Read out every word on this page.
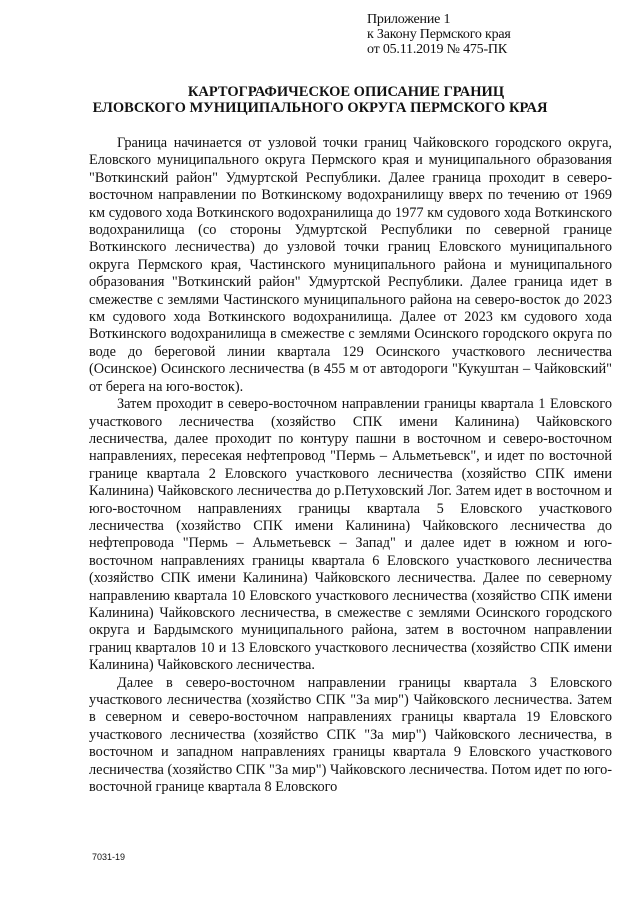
Приложение 1
к Закону Пермского края
от 05.11.2019 № 475-ПК
КАРТОГРАФИЧЕСКОЕ ОПИСАНИЕ ГРАНИЦ
ЕЛОВСКОГО МУНИЦИПАЛЬНОГО ОКРУГА ПЕРМСКОГО КРАЯ

Граница начинается от узловой точки границ Чайковского городского округа, Еловского муниципального округа Пермского края и муниципального образования "Воткинский район" Удмуртской Республики. Далее граница проходит в северо-восточном направлении по Воткинскому водохранилищу вверх по течению от 1969 км судового хода Воткинского водохранилища до 1977 км судового хода Воткинского водохранилища (со стороны Удмуртской Республики по северной границе Воткинского лесничества) до узловой точки границ Еловского муниципального округа Пермского края, Частинского муниципального района и муниципального образования "Воткинский район" Удмуртской Республики. Далее граница идет в смежестве с землями Частинского муниципального района на северо-восток до 2023 км судового хода Воткинского водохранилища. Далее от 2023 км судового хода Воткинского водохранилища в смежестве с землями Осинского городского округа по воде до береговой линии квартала 129 Осинского участкового лесничества (Осинское) Осинского лесничества (в 455 м от автодороги "Кукуштан – Чайковский" от берега на юго-восток).

Затем проходит в северо-восточном направлении границы квартала 1 Еловского участкового лесничества (хозяйство СПК имени Калинина) Чайковского лесничества, далее проходит по контуру пашни в восточном и северо-восточном направлениях, пересекая нефтепровод "Пермь – Альметьевск", и идет по восточной границе квартала 2 Еловского участкового лесничества (хозяйство СПК имени Калинина) Чайковского лесничества до р.Петуховский Лог. Затем идет в восточном и юго-восточном направлениях границы квартала 5 Еловского участкового лесничества (хозяйство СПК имени Калинина) Чайковского лесничества до нефтепровода "Пермь – Альметьевск – Запад" и далее идет в южном и юго-восточном направлениях границы квартала 6 Еловского участкового лесничества (хозяйство СПК имени Калинина) Чайковского лесничества. Далее по северному направлению квартала 10 Еловского участкового лесничества (хозяйство СПК имени Калинина) Чайковского лесничества, в смежестве с землями Осинского городского округа и Бардымского муниципального района, затем в восточном направлении границ кварталов 10 и 13 Еловского участкового лесничества (хозяйство СПК имени Калинина) Чайковского лесничества.

Далее в северо-восточном направлении границы квартала 3 Еловского участкового лесничества (хозяйство СПК "За мир") Чайковского лесничества. Затем в северном и северо-восточном направлениях границы квартала 19 Еловского участкового лесничества (хозяйство СПК "За мир") Чайковского лесничества, в восточном и западном направлениях границы квартала 9 Еловского участкового лесничества (хозяйство СПК "За мир") Чайковского лесничества. Потом идет по юго-восточной границе квартала 8 Еловского

7031-19
